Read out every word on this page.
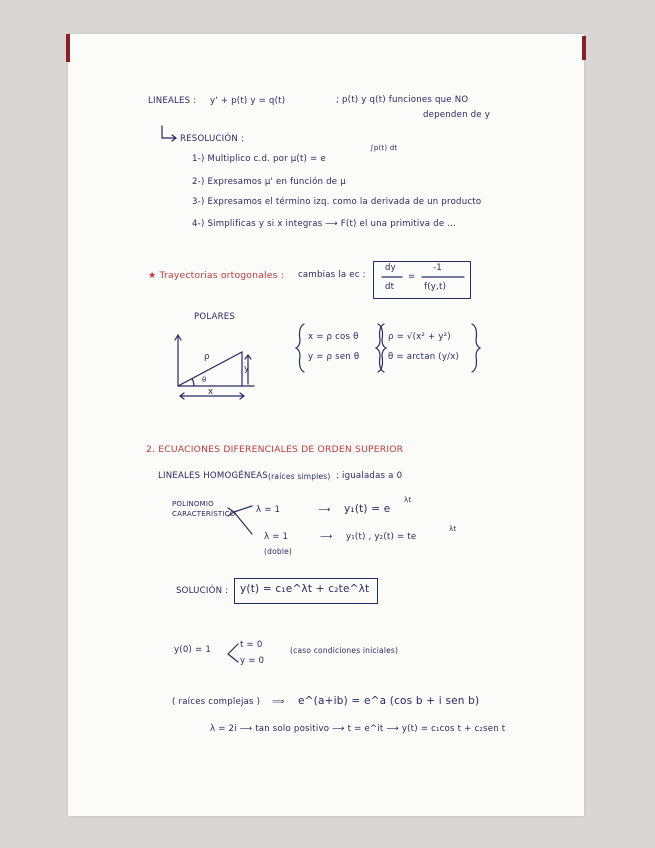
LINEALES : y' + p(t) y = q(t)	; p(t) y q(t) funciones que NO
dependen de y
RESOLUCIÓN :
1-) Multiplico c.d. por μ(t) = e
∫p(t) dt
2-) Expresamos μ' en función de μ
3-) Expresamos el término izq. como la derivada de un producto
4-) Simplificas y si x integras ⟶ F(t) el una primitiva de ...
★ Trayectorias ortogonales : cambias la ec :
dy
dt
=
-1
f(y,t)
POLARES
ρ
θ
y
x
x = ρ cos θ
y = ρ sen θ
ρ = √(x² + y²)
θ = arctan (y/x)
2. ECUACIONES DIFERENCIALES DE ORDEN SUPERIOR
LINEALES HOMOGÉNEAS (raíces simples) : igualadas a 0
POLINOMIO
CARACTERÍSTICO λ = 1	⟶ y₁(t) = e
λt
λ = 1	⟶ y₁(t) , y₂(t) = te
λt
(doble)
SOLUCIÓN : y(t) = c₁e^λt + c₂te^λt
y(0) = 1	t = 0
y = 0
(caso condiciones iniciales)
( raíces complejas ) ⟹ e^(a+ib) = e^a (cos b + i sen b)
λ = 2i ⟶ tan solo positivo ⟶ t = e^it ⟶ y(t) = c₁cos t + c₂sen t
